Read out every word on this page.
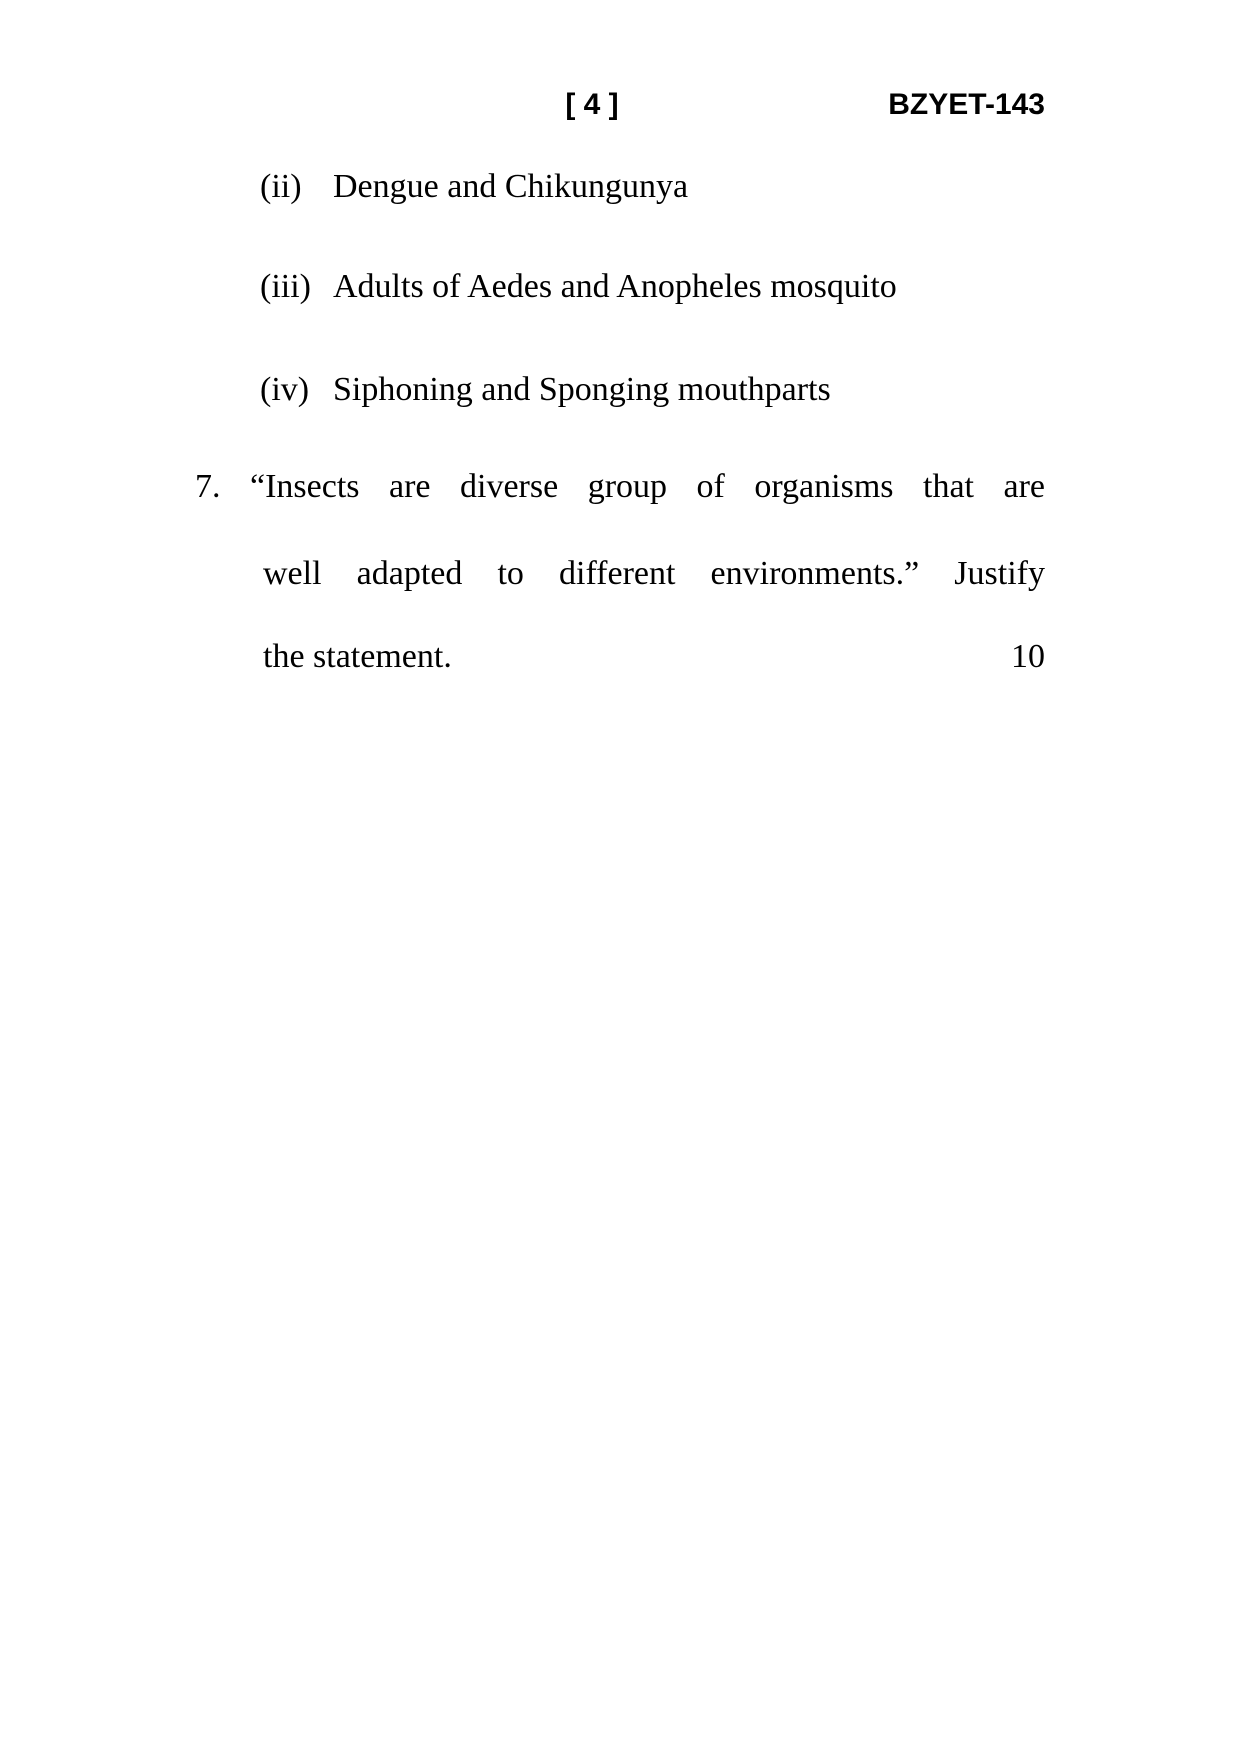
[ 4 ]	BZYET-143
(ii) Dengue and Chikungunya
(iii) Adults of Aedes and Anopheles mosquito
(iv) Siphoning and Sponging mouthparts
7. “Insects are diverse group of organisms that are
well adapted to different environments.” Justify
the statement.	10
